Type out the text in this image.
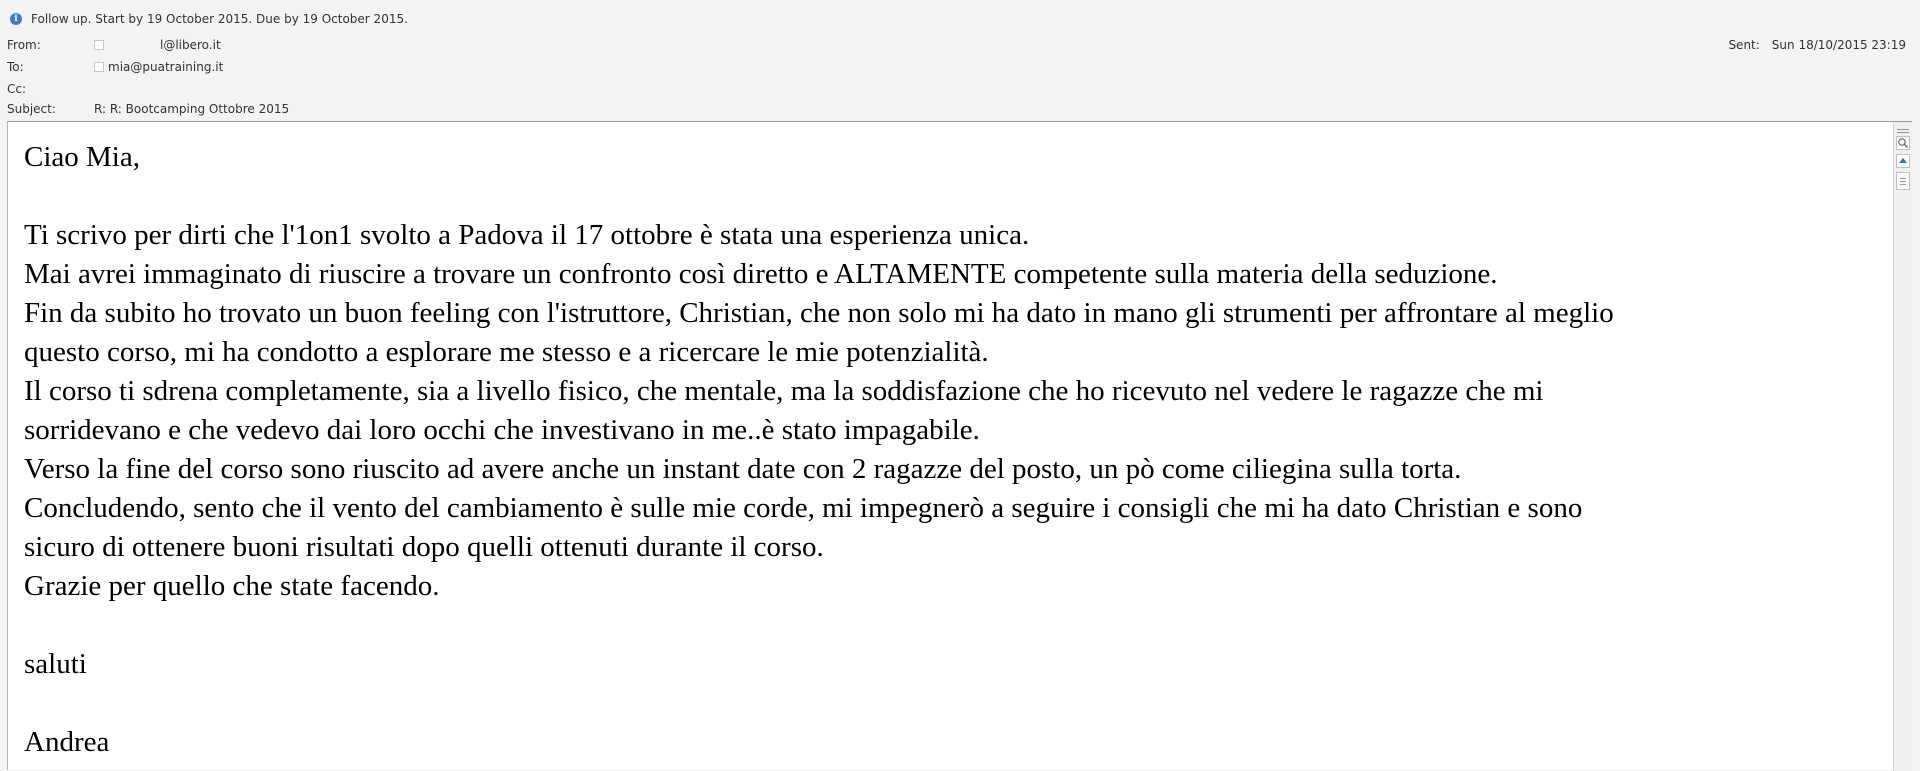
i	Follow up. Start by 19 October 2015. Due by 19 October 2015.
From:	l@libero.it	Sent: Sun 18/10/2015 23:19
To:	mia@puatraining.it
Cc:
Subject:	R: R: Bootcamping Ottobre 2015

Ciao Mia,

Ti scrivo per dirti che l'1on1 svolto a Padova il 17 ottobre è stata una esperienza unica.

Mai avrei immaginato di riuscire a trovare un confronto così diretto e ALTAMENTE competente sulla materia della seduzione.

Fin da subito ho trovato un buon feeling con l'istruttore, Christian, che non solo mi ha dato in mano gli strumenti per affrontare al meglio

questo corso, mi ha condotto a esplorare me stesso e a ricercare le mie potenzialità.

Il corso ti sdrena completamente, sia a livello fisico, che mentale, ma la soddisfazione che ho ricevuto nel vedere le ragazze che mi

sorridevano e che vedevo dai loro occhi che investivano in me..è stato impagabile.

Verso la fine del corso sono riuscito ad avere anche un instant date con 2 ragazze del posto, un pò come ciliegina sulla torta.

Concludendo, sento che il vento del cambiamento è sulle mie corde, mi impegnerò a seguire i consigli che mi ha dato Christian e sono

sicuro di ottenere buoni risultati dopo quelli ottenuti durante il corso.

Grazie per quello che state facendo.

saluti

Andrea
